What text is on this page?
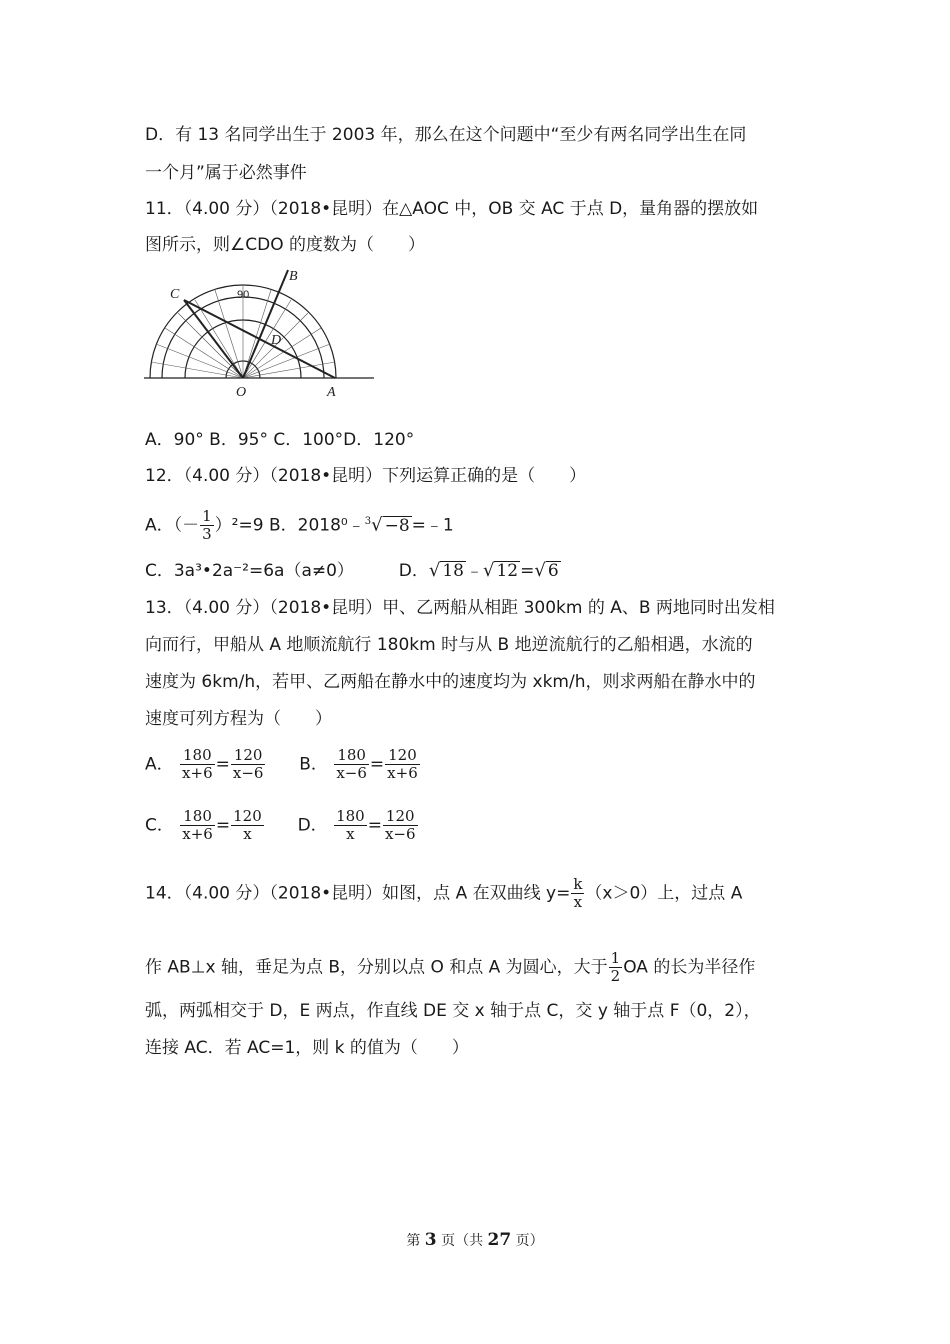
D．有 13 名同学出生于 2003 年，那么在这个问题中“至少有两名同学出生在同
一个月”属于必然事件
11．（4.00 分）（2018•昆明）在△AOC 中，OB 交 AC 于点 D，量角器的摆放如
图所示，则∠CDO 的度数为（　　）
C
B
D
O	A
90
A．90° B．95° C．100°D．120°
12．（4.00 分）（2018•昆明）下列运算正确的是（　　）
A．（－ $\frac{1}{3} )^2=9$ B．2018⁰﹣$^3$√ −8 =﹣1
C．3a³•2a⁻²=6a（a≠0）	D．√ 18 ﹣√ 12 =√ 6
13．（4.00 分）（2018•昆明）甲、乙两船从相距 300km 的 A、B 两地同时出发相
向而行，甲船从 A 地顺流航行 180km 时与从 B 地逆流航行的乙船相遇，水流的
速度为 6km/h，若甲、乙两船在静水中的速度均为 xkm/h，则求两船在静水中的
速度可列方程为（　　）
A． $\frac{180}{x+6} = \frac{120}{x-6}$ B． $\frac{180}{x-6} = \frac{120}{x+6}$
C． $\frac{180}{x+6} = \frac{120}{x}$ D． $\frac{180}{x} = \frac{120}{x-6}$
14．（4.00 分）（2018•昆明）如图，点 A 在双曲线 $y= \frac{k}{x} (x>0)$上，过点 A
作 AB⊥x 轴，垂足为点 B，分别以点 O 和点 A 为圆心，大于 $\frac{1}{2}$ OA 的长为半径作
弧，两弧相交于 D，E 两点，作直线 DE 交 x 轴于点 C，交 y 轴于点 F（0，2），
连接 AC．若 AC=1，则 k 的值为（　　）
第 3 页（共 27 页）
